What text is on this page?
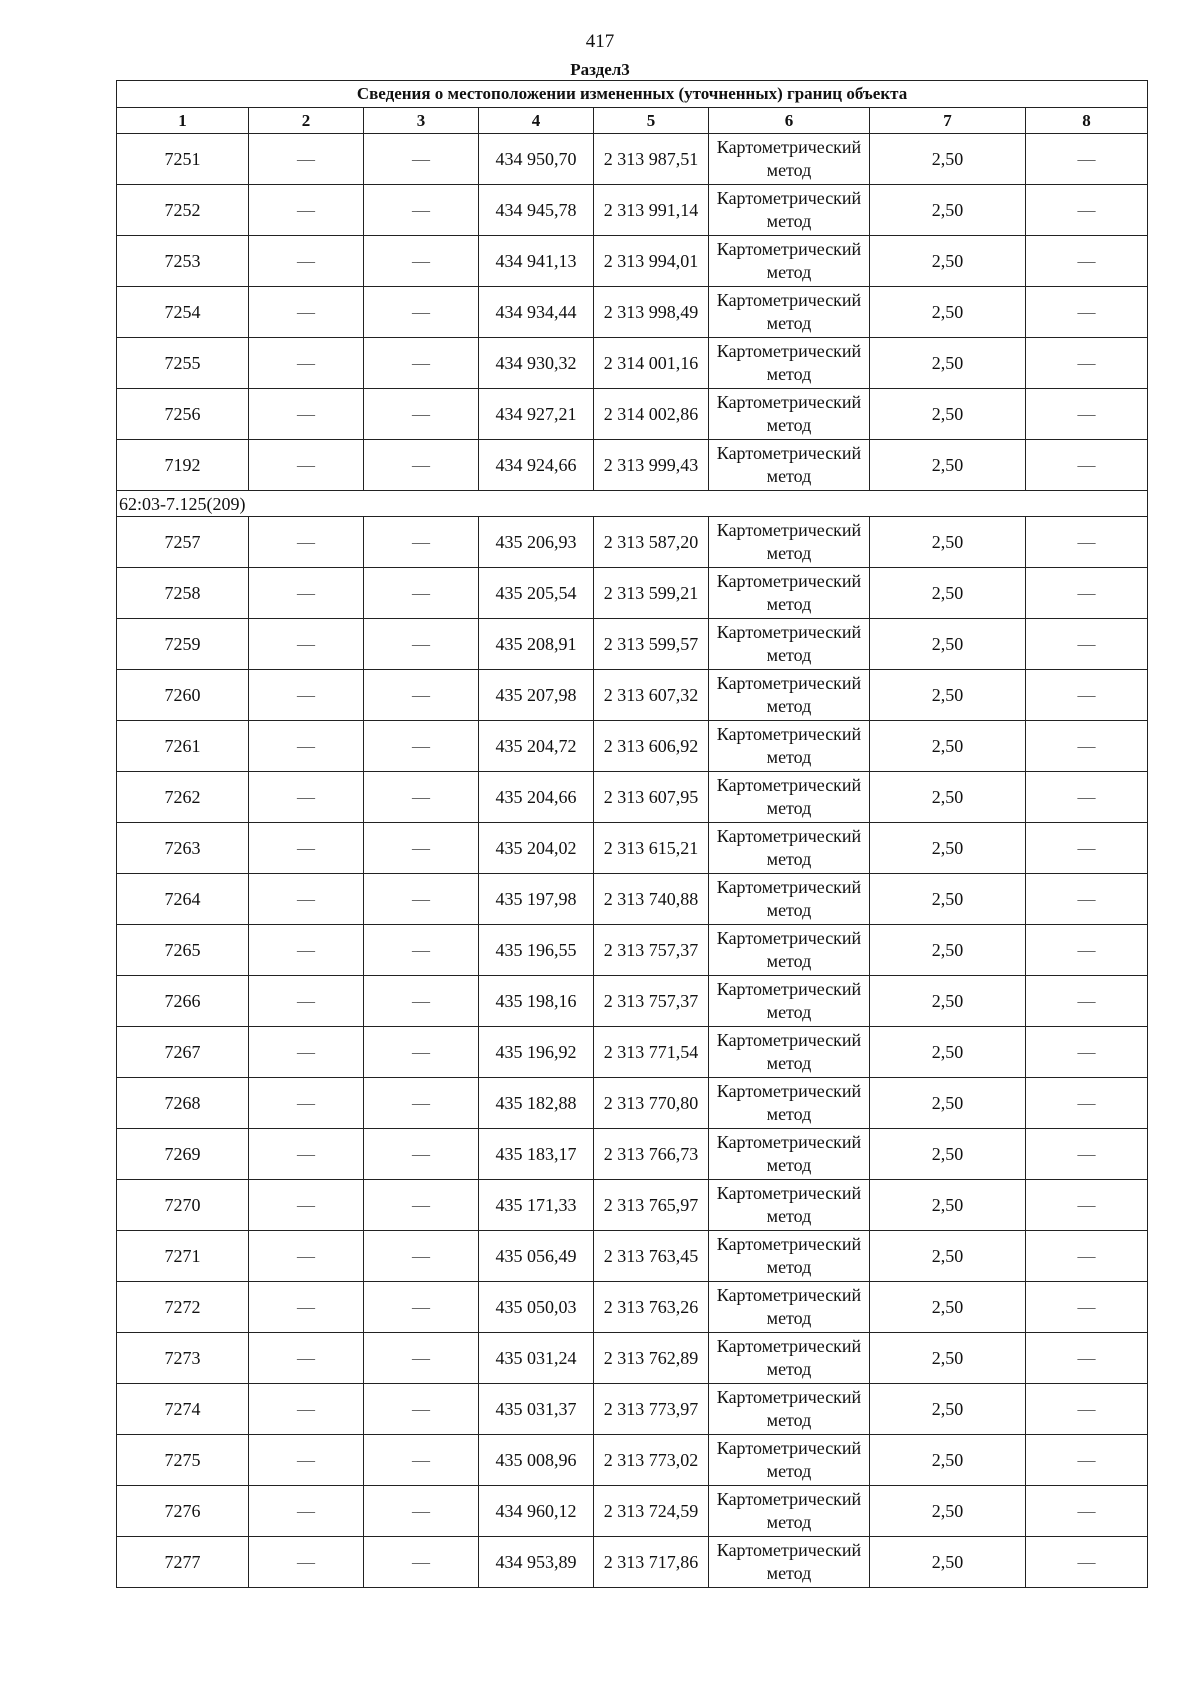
417
Раздел3
Сведения о местоположении измененных (уточненных) границ объекта							
1	2	3	4	5	6	7	8
7251	—	—	434 950,70	2 313 987,51	Картометрический метод	2,50	—
7252	—	—	434 945,78	2 313 991,14	Картометрический метод	2,50	—
7253	—	—	434 941,13	2 313 994,01	Картометрический метод	2,50	—
7254	—	—	434 934,44	2 313 998,49	Картометрический метод	2,50	—
7255	—	—	434 930,32	2 314 001,16	Картометрический метод	2,50	—
7256	—	—	434 927,21	2 314 002,86	Картометрический метод	2,50	—
7192	—	—	434 924,66	2 313 999,43	Картометрический метод	2,50	—
62:03-7.125(209)							
7257	—	—	435 206,93	2 313 587,20	Картометрический метод	2,50	—
7258	—	—	435 205,54	2 313 599,21	Картометрический метод	2,50	—
7259	—	—	435 208,91	2 313 599,57	Картометрический метод	2,50	—
7260	—	—	435 207,98	2 313 607,32	Картометрический метод	2,50	—
7261	—	—	435 204,72	2 313 606,92	Картометрический метод	2,50	—
7262	—	—	435 204,66	2 313 607,95	Картометрический метод	2,50	—
7263	—	—	435 204,02	2 313 615,21	Картометрический метод	2,50	—
7264	—	—	435 197,98	2 313 740,88	Картометрический метод	2,50	—
7265	—	—	435 196,55	2 313 757,37	Картометрический метод	2,50	—
7266	—	—	435 198,16	2 313 757,37	Картометрический метод	2,50	—
7267	—	—	435 196,92	2 313 771,54	Картометрический метод	2,50	—
7268	—	—	435 182,88	2 313 770,80	Картометрический метод	2,50	—
7269	—	—	435 183,17	2 313 766,73	Картометрический метод	2,50	—
7270	—	—	435 171,33	2 313 765,97	Картометрический метод	2,50	—
7271	—	—	435 056,49	2 313 763,45	Картометрический метод	2,50	—
7272	—	—	435 050,03	2 313 763,26	Картометрический метод	2,50	—
7273	—	—	435 031,24	2 313 762,89	Картометрический метод	2,50	—
7274	—	—	435 031,37	2 313 773,97	Картометрический метод	2,50	—
7275	—	—	435 008,96	2 313 773,02	Картометрический метод	2,50	—
7276	—	—	434 960,12	2 313 724,59	Картометрический метод	2,50	—
7277	—	—	434 953,89	2 313 717,86	Картометрический метод	2,50	—
